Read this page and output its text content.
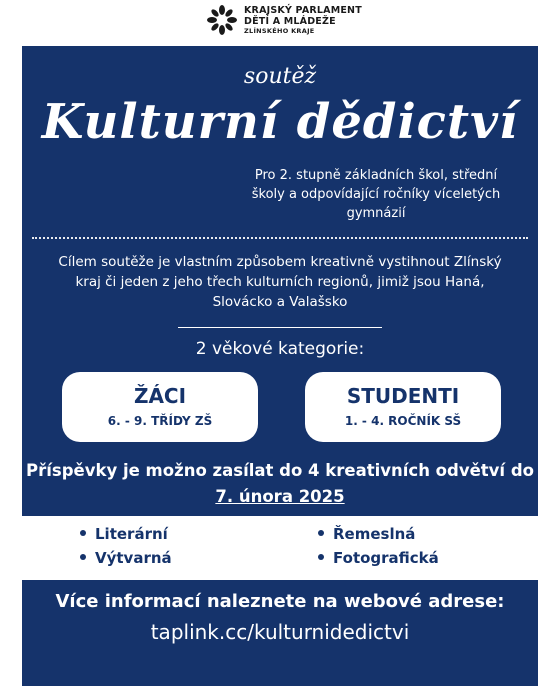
KRAJSKÝ PARLAMENT
DĚTÍ A MLÁDEŽE
ZLÍNSKÉHO KRAJE
soutěž
Kulturní dědictví
Pro 2. stupně základních škol, střední školy a odpovídající ročníky víceletých gymnázií
Cílem soutěže je vlastním způsobem kreativně vystihnout Zlínský kraj či jeden z jeho třech kulturních regionů, jimiž jsou Haná, Slovácko a Valašsko
2 věkové kategorie:
ŽÁCI
6. - 9. TŘÍDY ZŠ
STUDENTI
1. - 4. ROČNÍK SŠ
Příspěvky je možno zasílat do 4 kreativních odvětví do 7. února 2025
Literární
Výtvarná
Řemeslná
Fotografická
Více informací naleznete na webové adrese:
taplink.cc/kulturnidedictvi
